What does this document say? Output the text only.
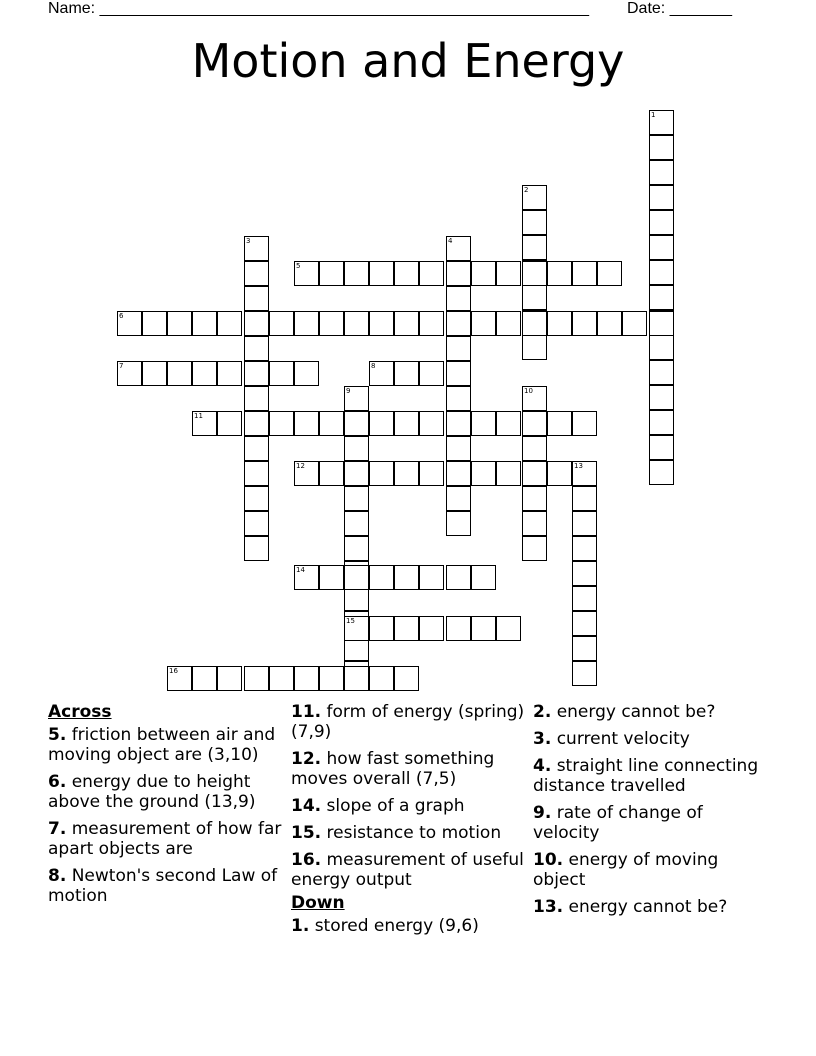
Name: _______________________________________________________ Date: _______
Motion and Energy
1
2
3	4
5
6
7	8
9	10
11
12	13
14
15
16
Across
5. friction between air and moving object are (3,10)
6. energy due to height above the ground (13,9)
7. measurement of how far apart objects are
8. Newton's second Law of motion
11. form of energy (spring) (7,9)
12. how fast something moves overall (7,5)
14. slope of a graph
15. resistance to motion
16. measurement of useful energy output
Down
1. stored energy (9,6)
2. energy cannot be?
3. current velocity
4. straight line connecting distance travelled
9. rate of change of velocity
10. energy of moving object
13. energy cannot be?
